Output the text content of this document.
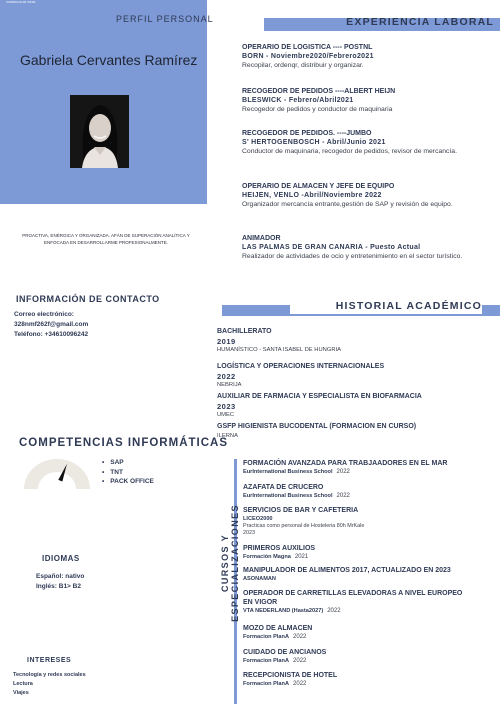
CURRICULUM VITAE
PERFIL PERSONAL
Gabriela Cervantes Ramírez
PROACTIVA, ENÉRGICA Y ORGANIZADA. AFÁN DE SUPERACIÓN ANALÍTICA Y ENFOCADA EN DESARROLLARME PROFESIONALMENTE.
INFORMACIÓN DE CONTACTO
Correo electrónico:
328nmf262f@gmail.com
Teléfono: +34610096242
COMPETENCIAS INFORMÁTICAS
• SAP
• TNT
• PACK OFFICE
IDIOMAS
Español: nativo
Inglés: B1> B2
INTERESES
Tecnología y redes sociales
Lectura
Viajes
EXPERIENCIA LABORAL
OPERARIO DE LOGISTICA ---- POSTNL
BORN - Noviembre2020/Febrero2021
Recopilar, ordenqr, distribuir y organizar.
RECOGEDOR DE PEDIDOS ----ALBERT HEIJN
BLESWICK - Febrero/Abril2021
Recogedor de pedidos y conductor de maquinaria
RECOGEDOR DE PEDIDOS. ----JUMBO
S' HERTOGENBOSCH - Abril/Junio 2021
Conductor de maquinaria, recogedor de pedidos, revisor de mercancía.
OPERARIO DE ALMACEN Y JEFE DE EQUIPO
HEIJEN, VENLO -Abril/Noviembre 2022
Organizador mercancía entrante,gestión de SAP y revisión de equipo.
ANIMADOR
LAS PALMAS DE GRAN CANARIA - Puesto Actual
Realizador de actividades de ocio y entretenimiento en el sector turístico.
HISTORIAL ACADÉMICO
BACHILLERATO
2019
HUMANÍSTICO - SANTA ISABEL DE HUNGRIA
LOGÍSTICA Y OPERACIONES INTERNACIONALES
2022
NEBRIJA
AUXILIAR DE FARMACIA Y ESPECIALISTA EN BIOFARMACIA
2023
UMEC
GSFP HIGIENISTA BUCODENTAL (FORMACION EN CURSO)
ILERNA
CURSOS Y ESPECIALIZACIONES
FORMACIÓN AVANZADA PARA TRABJAADORES EN EL MAR
EurInternational Business School 2022
AZAFATA DE CRUCERO
EurInternational Business School 2022
SERVICIOS DE BAR Y CAFETERIA
LICEO2000
Practicas como personal de Hosteleria 80h MrKale
2023
PRIMEROS AUXILIOS
Formación Magna 2021
MANIPULADOR DE ALIMENTOS 2017, ACTUALIZADO EN 2023
ASONAMAN
OPERADOR DE CARRETILLAS ELEVADORAS A NIVEL EUROPEO EN VIGOR
VTA NEDERLAND (Hasta2027) 2022
MOZO DE ALMACEN
Formacion PlanA 2022
CUIDADO DE ANCIANOS
Formacion PlanA 2022
RECEPCIONISTA DE HOTEL
Formacion PlanA 2022
